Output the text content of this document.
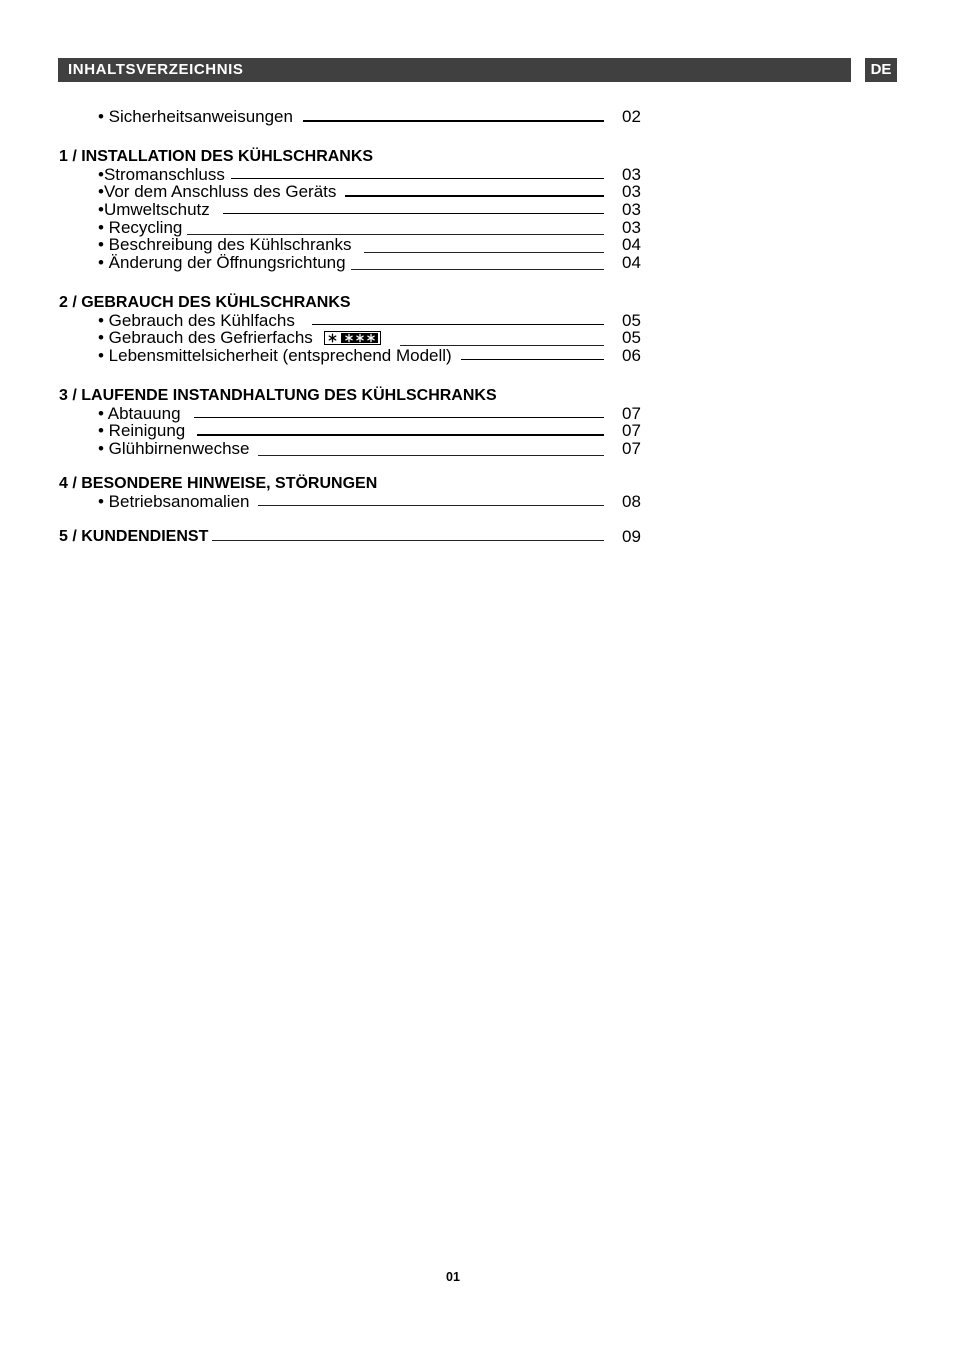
INHALTSVERZEICHNIS	DE
• Sicherheitsanweisungen	02
1 / INSTALLATION DES KÜHLSCHRANKS
•Stromanschluss	03
•Vor dem Anschluss des Geräts	03
•Umweltschutz	03
• Recycling	03
• Beschreibung des Kühlschranks	04
• Änderung der Öffnungsrichtung	04
2 / GEBRAUCH DES KÜHLSCHRANKS
• Gebrauch des Kühlfachs	05
• Gebrauch des Gefrierfachs	05
• Lebensmittelsicherheit (entsprechend Modell)	06
3 / LAUFENDE INSTANDHALTUNG DES KÜHLSCHRANKS
• Abtauung	07
• Reinigung	07
• Glühbirnenwechse	07
4 / BESONDERE HINWEISE, STÖRUNGEN
• Betriebsanomalien	08
5 / KUNDENDIENST	09
01
